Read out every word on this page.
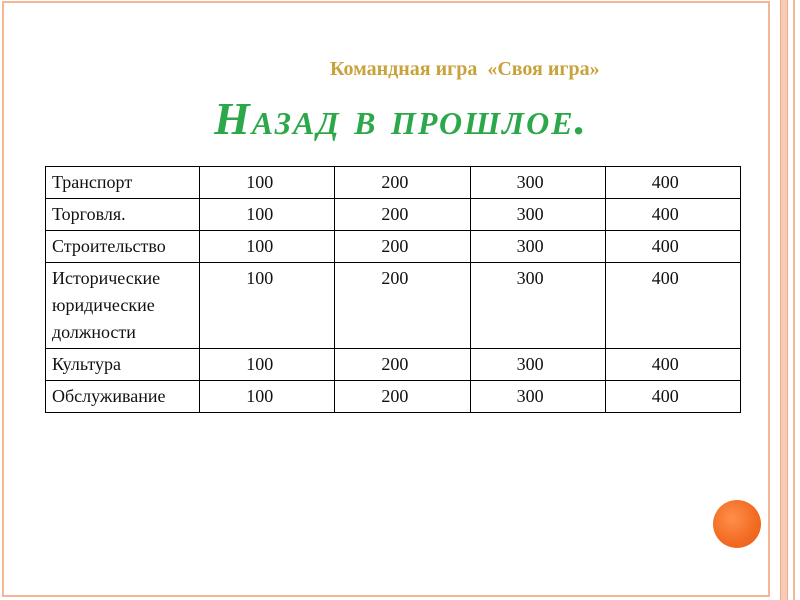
Командная игра  «Своя игра»
Назад в прошлое.
Транспорт	100	200	300	400
Торговля.	100	200	300	400
Строительство	100	200	300	400
Исторические юридические должности	100	200	300	400
Культура	100	200	300	400
Обслуживание	100	200	300	400
